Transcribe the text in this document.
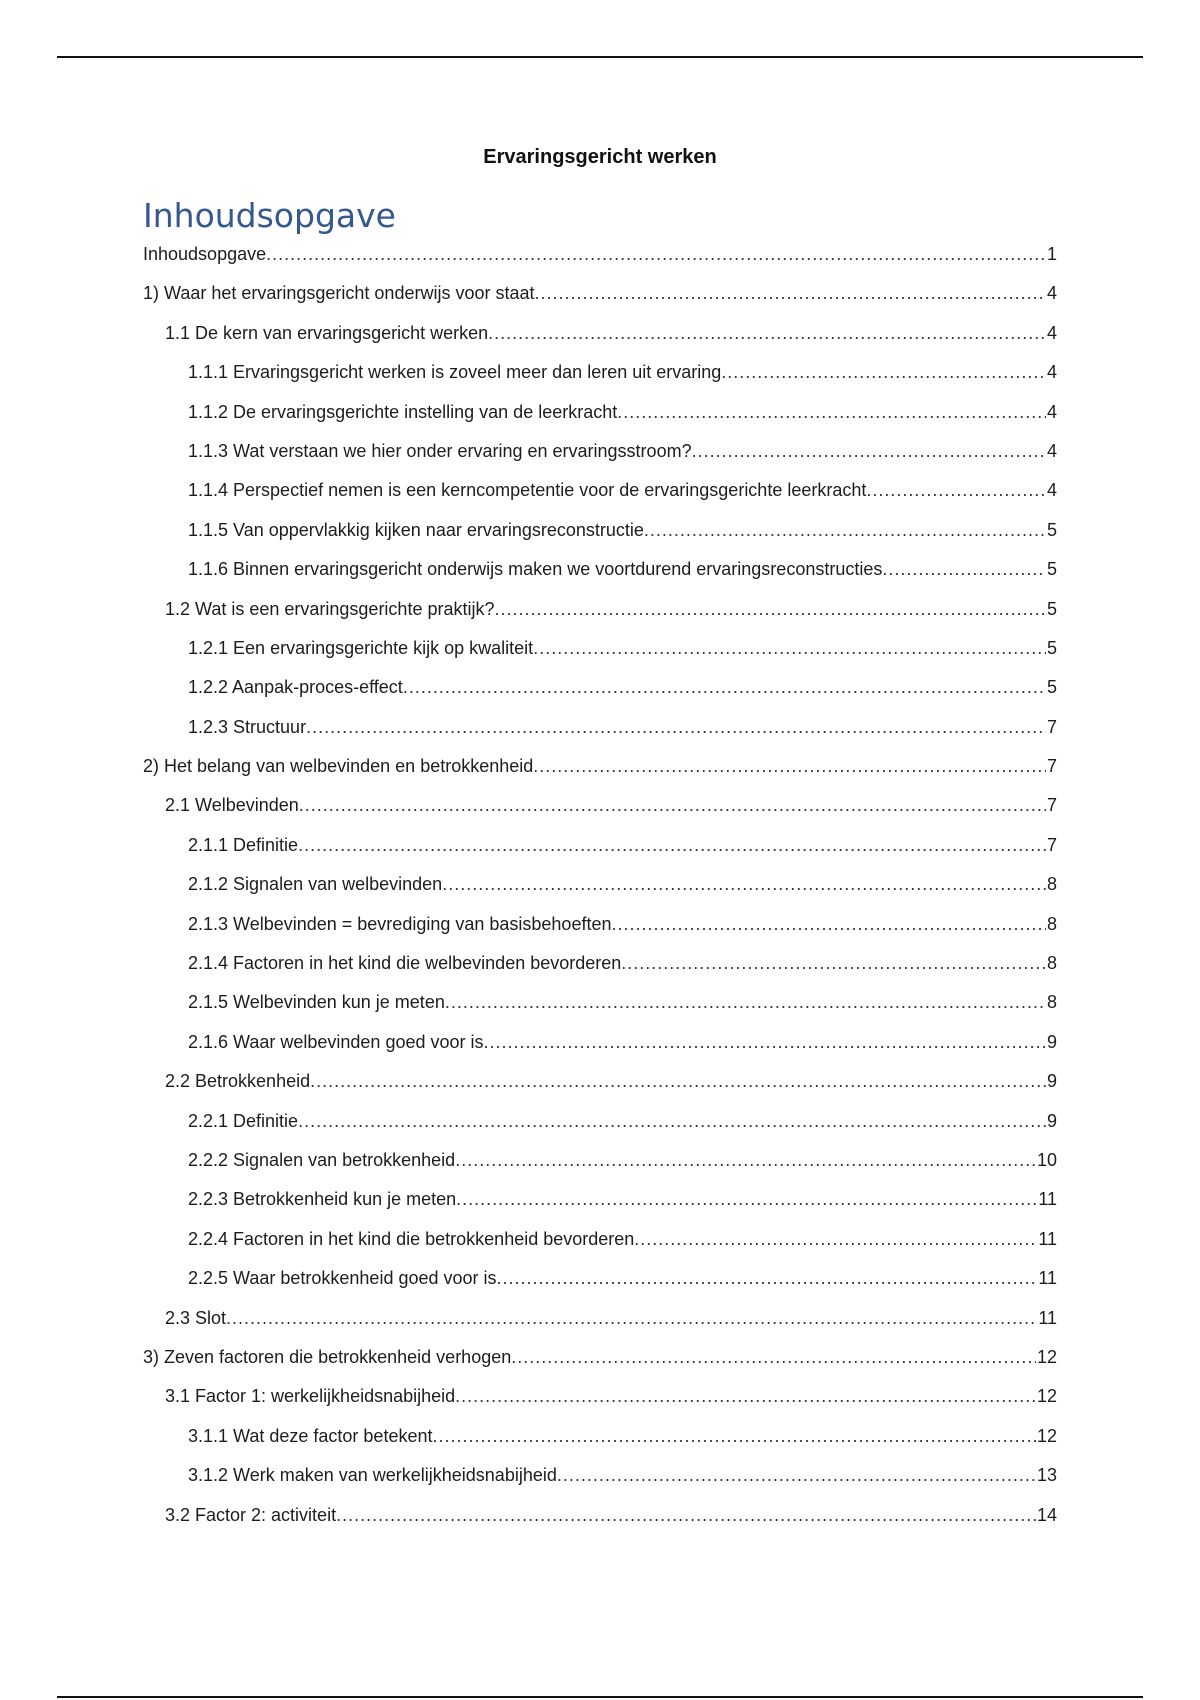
Ervaringsgericht werken
Inhoudsopgave
Inhoudsopgave .....	1
1) Waar het ervaringsgericht onderwijs voor staat .....	4
1.1 De kern van ervaringsgericht werken .....	4
1.1.1 Ervaringsgericht werken is zoveel meer dan leren uit ervaring .....	4
1.1.2 De ervaringsgerichte instelling van de leerkracht .....	4
1.1.3 Wat verstaan we hier onder ervaring en ervaringsstroom? .....	4
1.1.4 Perspectief nemen is een kerncompetentie voor de ervaringsgerichte leerkracht .....	4
1.1.5 Van oppervlakkig kijken naar ervaringsreconstructie .....	5
1.1.6 Binnen ervaringsgericht onderwijs maken we voortdurend ervaringsreconstructies .....	5
1.2 Wat is een ervaringsgerichte praktijk? .....	5
1.2.1 Een ervaringsgerichte kijk op kwaliteit .....	5
1.2.2 Aanpak-proces-effect .....	5
1.2.3 Structuur .....	7
2) Het belang van welbevinden en betrokkenheid .....	7
2.1 Welbevinden .....	7
2.1.1 Definitie .....	7
2.1.2 Signalen van welbevinden .....	8
2.1.3 Welbevinden = bevrediging van basisbehoeften .....	8
2.1.4 Factoren in het kind die welbevinden bevorderen .....	8
2.1.5 Welbevinden kun je meten .....	8
2.1.6 Waar welbevinden goed voor is .....	9
2.2 Betrokkenheid .....	9
2.2.1 Definitie .....	9
2.2.2 Signalen van betrokkenheid .....	10
2.2.3 Betrokkenheid kun je meten .....	11
2.2.4 Factoren in het kind die betrokkenheid bevorderen .....	11
2.2.5 Waar betrokkenheid goed voor is .....	11
2.3 Slot .....	11
3) Zeven factoren die betrokkenheid verhogen .....	12
3.1 Factor 1: werkelijkheidsnabijheid .....	12
3.1.1 Wat deze factor betekent .....	12
3.1.2 Werk maken van werkelijkheidsnabijheid .....	13
3.2 Factor 2: activiteit .....	14
